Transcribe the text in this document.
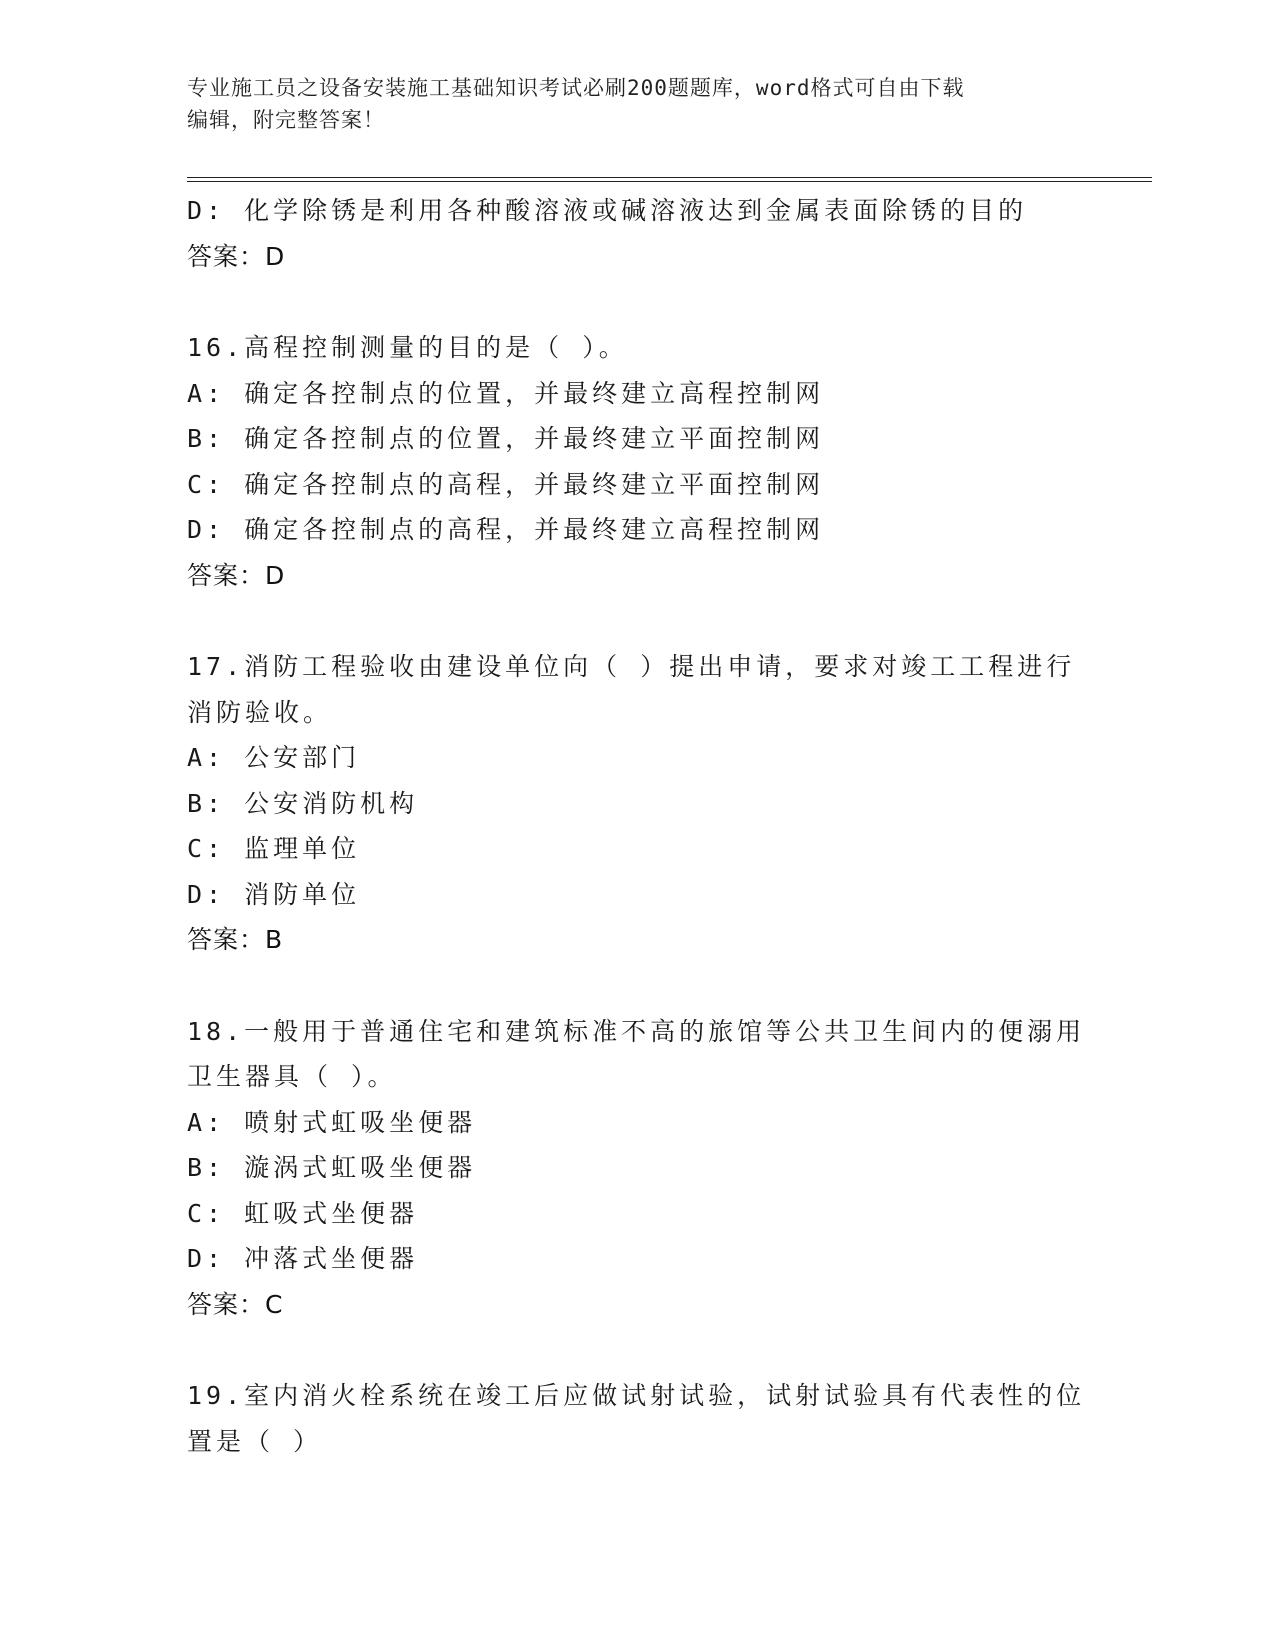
专业施工员之设备安装施工基础知识考试必刷200题题库，word格式可自由下载
编辑，附完整答案！
D: 化学除锈是利用各种酸溶液或碱溶液达到金属表面除锈的目的
答案：D
16.高程控制测量的目的是（ ）。
A: 确定各控制点的位置，并最终建立高程控制网
B: 确定各控制点的位置，并最终建立平面控制网
C: 确定各控制点的高程，并最终建立平面控制网
D: 确定各控制点的高程，并最终建立高程控制网
答案：D
17.消防工程验收由建设单位向（ ）提出申请，要求对竣工工程进行
消防验收。
A: 公安部门
B: 公安消防机构
C: 监理单位
D: 消防单位
答案：B
18.一般用于普通住宅和建筑标准不高的旅馆等公共卫生间内的便溺用
卫生器具（ ）。
A: 喷射式虹吸坐便器
B: 漩涡式虹吸坐便器
C: 虹吸式坐便器
D: 冲落式坐便器
答案：C
19.室内消火栓系统在竣工后应做试射试验，试射试验具有代表性的位
置是（ ）
